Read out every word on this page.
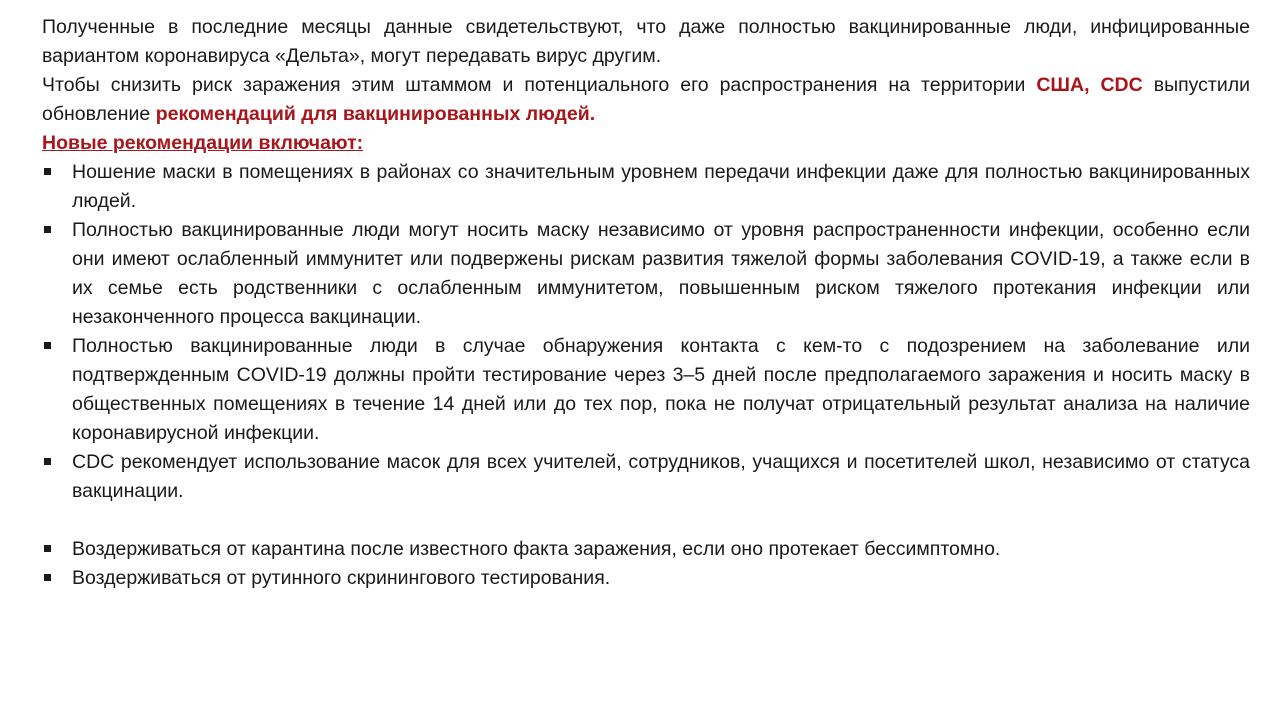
Полученные в последние месяцы данные свидетельствуют, что даже полностью вакцинированные люди, инфицированные вариантом коронавируса «Дельта», могут передавать вирус другим.

Чтобы снизить риск заражения этим штаммом и потенциального его распространения на территории США, CDC выпустили обновление рекомендаций для вакцинированных людей.

Новые рекомендации включают:

Ношение маски в помещениях в районах со значительным уровнем передачи инфекции даже для полностью вакцинированных людей.
Полностью вакцинированные люди могут носить маску независимо от уровня распространенности инфекции, особенно если они имеют ослабленный иммунитет или подвержены рискам развития тяжелой формы заболевания COVID-19, а также если в их семье есть родственники с ослабленным иммунитетом, повышенным риском тяжелого протекания инфекции или незаконченного процесса вакцинации.
Полностью вакцинированные люди в случае обнаружения контакта с кем-то с подозрением на заболевание или подтвержденным COVID-19 должны пройти тестирование через 3–5 дней после предполагаемого заражения и носить маску в общественных помещениях в течение 14 дней или до тех пор, пока не получат отрицательный результат анализа на наличие коронавирусной инфекции.
CDC рекомендует использование масок для всех учителей, сотрудников, учащихся и посетителей школ, независимо от статуса вакцинации.
Воздерживаться от карантина после известного факта заражения, если оно протекает бессимптомно.
Воздерживаться от рутинного скринингового тестирования.
